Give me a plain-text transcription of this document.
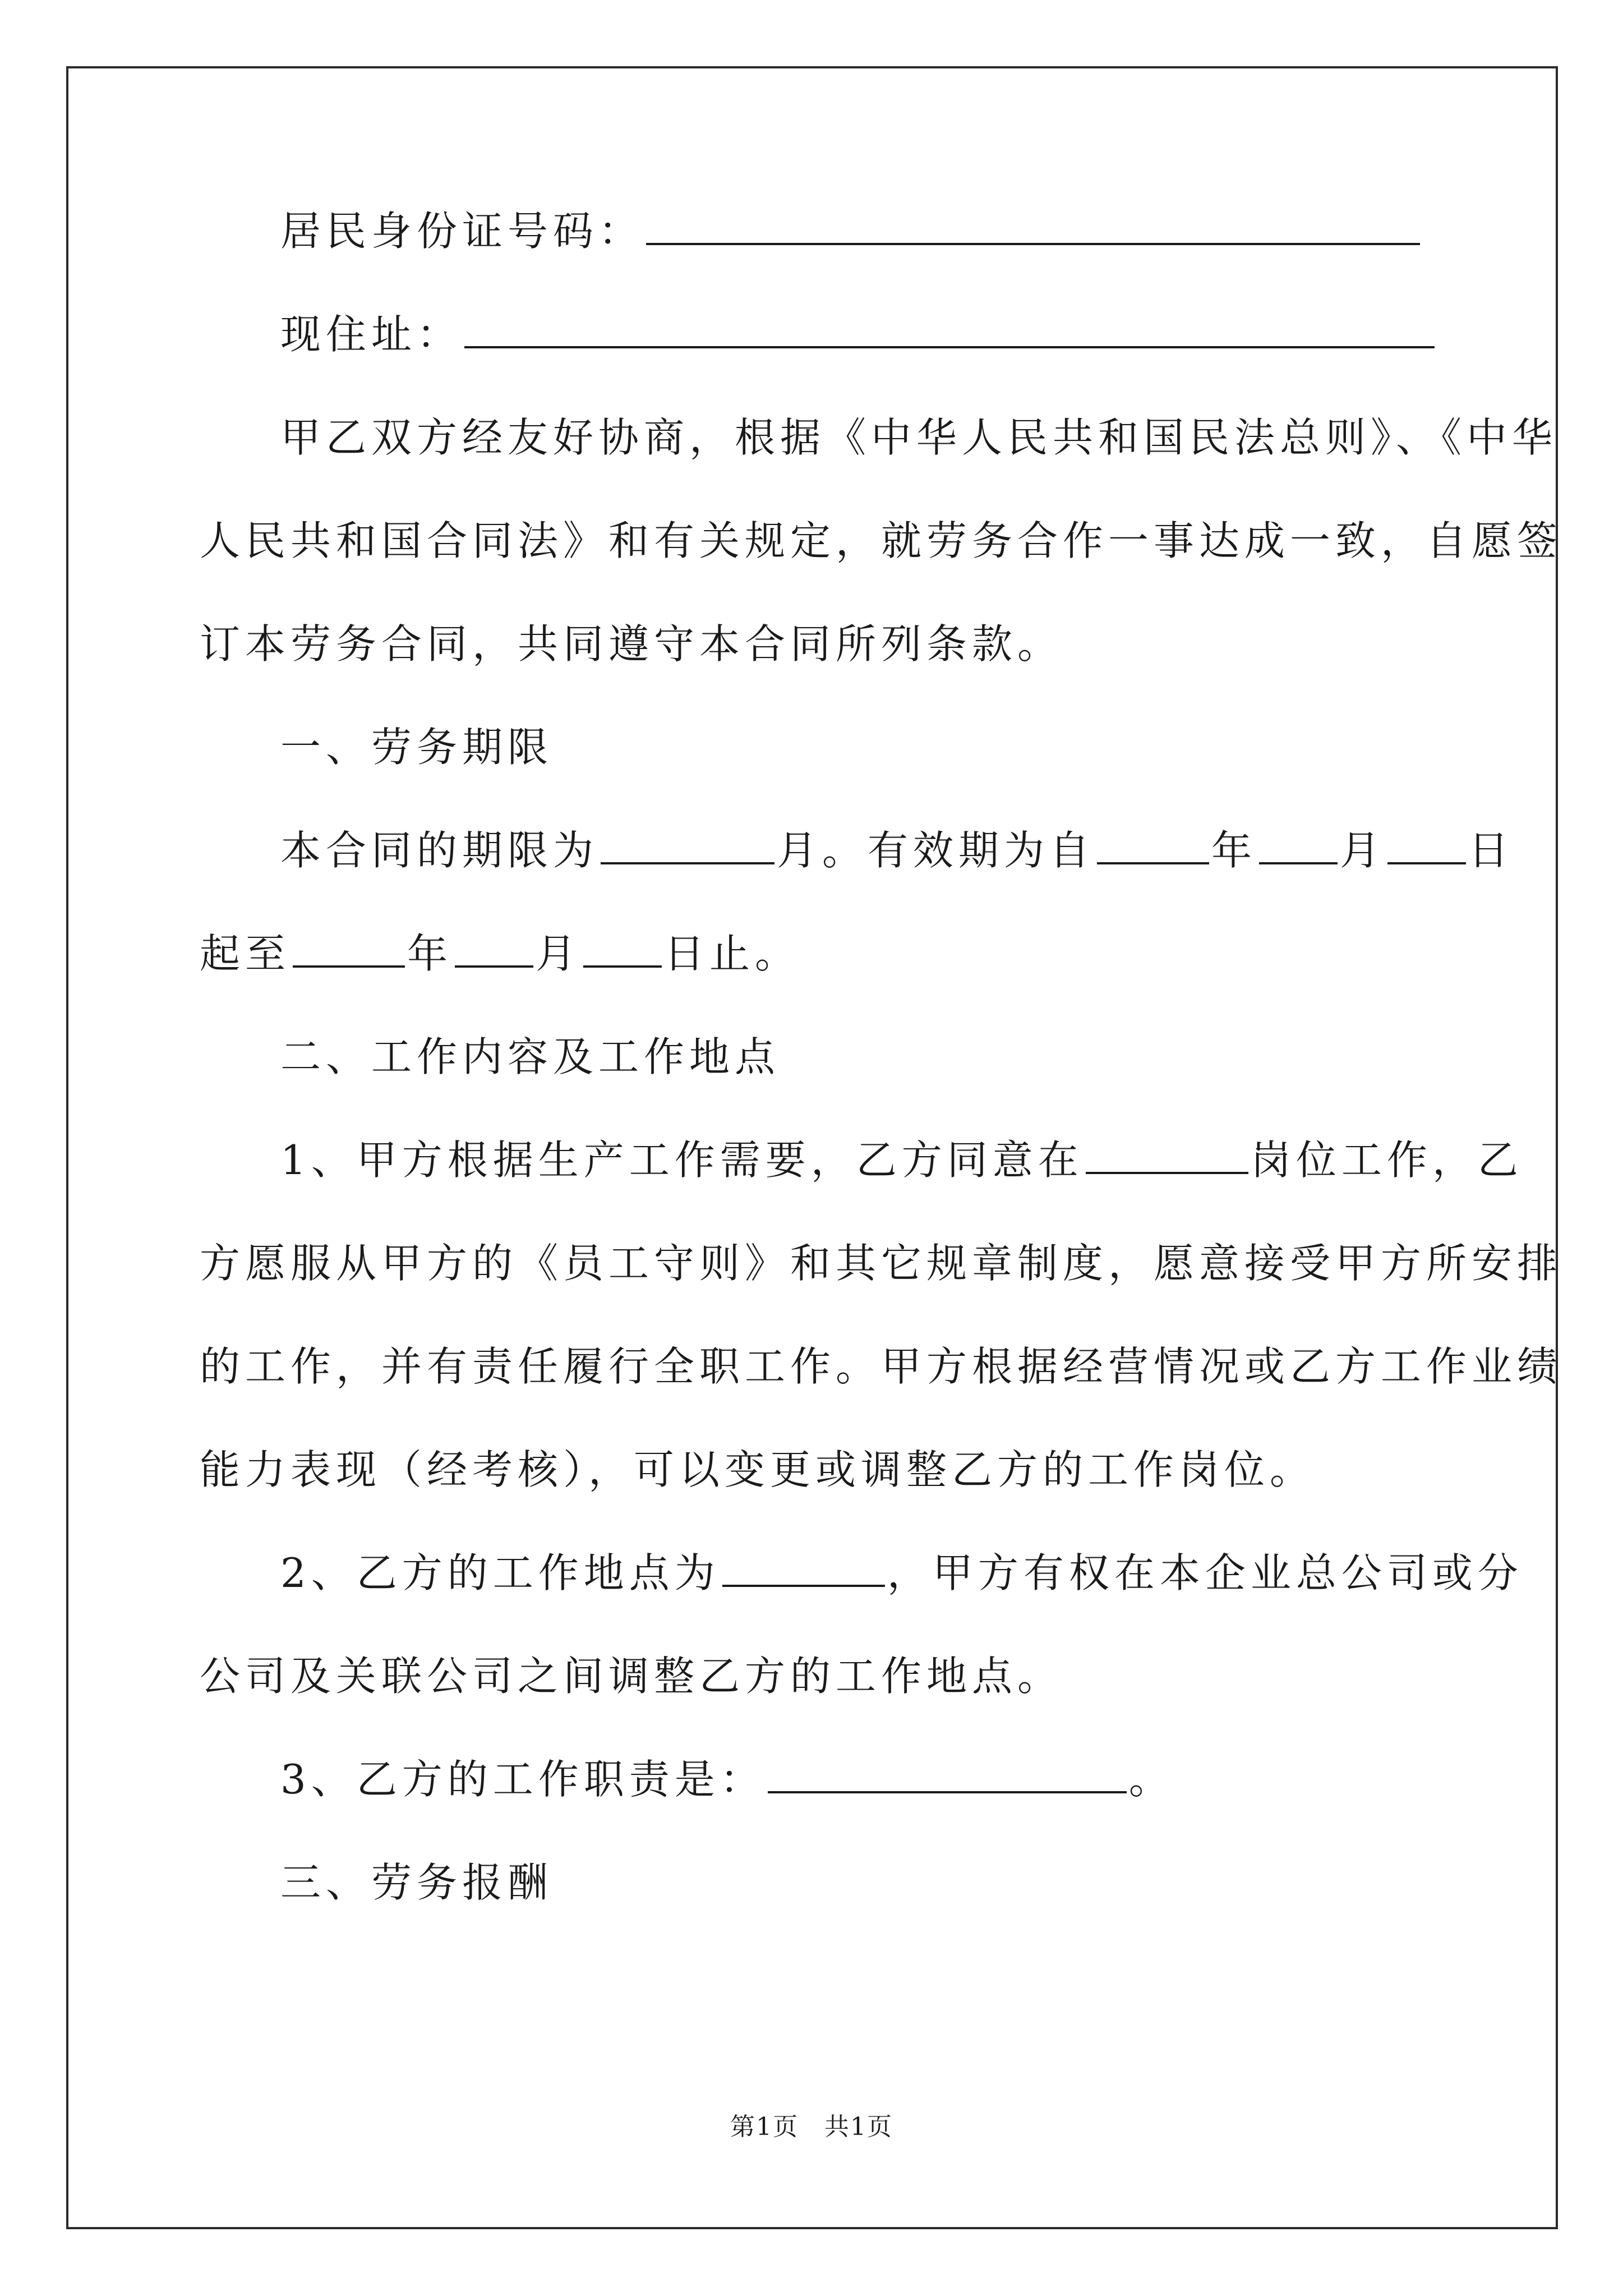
居民身份证号码：
现住址：
甲乙双方经友好协商，根据《中华人民共和国民法总则》、《中华
人民共和国合同法》和有关规定，就劳务合作一事达成一致，自愿签
订本劳务合同，共同遵守本合同所列条款。
一、劳务期限
本合同的期限为	月。有效期为自	年 月 日
起至	年 月 日止。
二、工作内容及工作地点
1、甲方根据生产工作需要，乙方同意在	岗位工作，乙
方愿服从甲方的《员工守则》和其它规章制度，愿意接受甲方所安排
的工作，并有责任履行全职工作。甲方根据经营情况或乙方工作业绩
能力表现（经考核），可以变更或调整乙方的工作岗位。
2、乙方的工作地点为	，甲方有权在本企业总公司或分
公司及关联公司之间调整乙方的工作地点。
3、乙方的工作职责是：	。
三、劳务报酬
第1页　共1页
